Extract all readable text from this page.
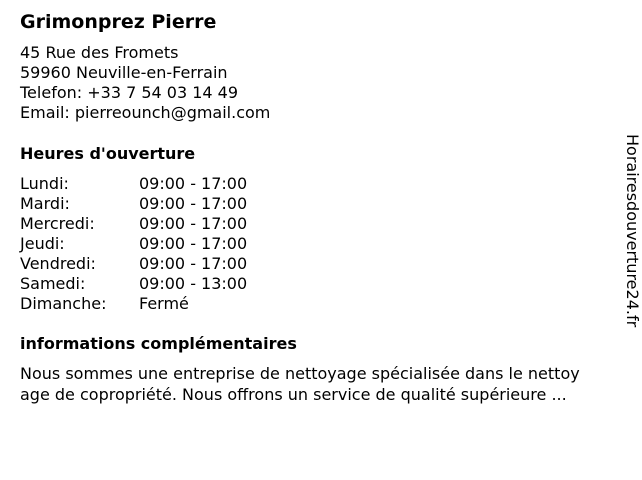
Grimonprez Pierre
45 Rue des Fromets
59960 Neuville-en-Ferrain
Telefon: +33 7 54 03 14 49
Email: pierreounch@gmail.com
Heures d'ouverture
Lundi:	09:00 - 17:00
Mardi:	09:00 - 17:00
Mercredi:	09:00 - 17:00
Jeudi:	09:00 - 17:00
Vendredi:	09:00 - 17:00
Samedi:	09:00 - 13:00
Dimanche: Fermé
informations complémentaires
Nous sommes une entreprise de nettoyage spécialisée dans le nettoy
age de copropriété. Nous offrons un service de qualité supérieure ...
Horairesdouverture24.fr
